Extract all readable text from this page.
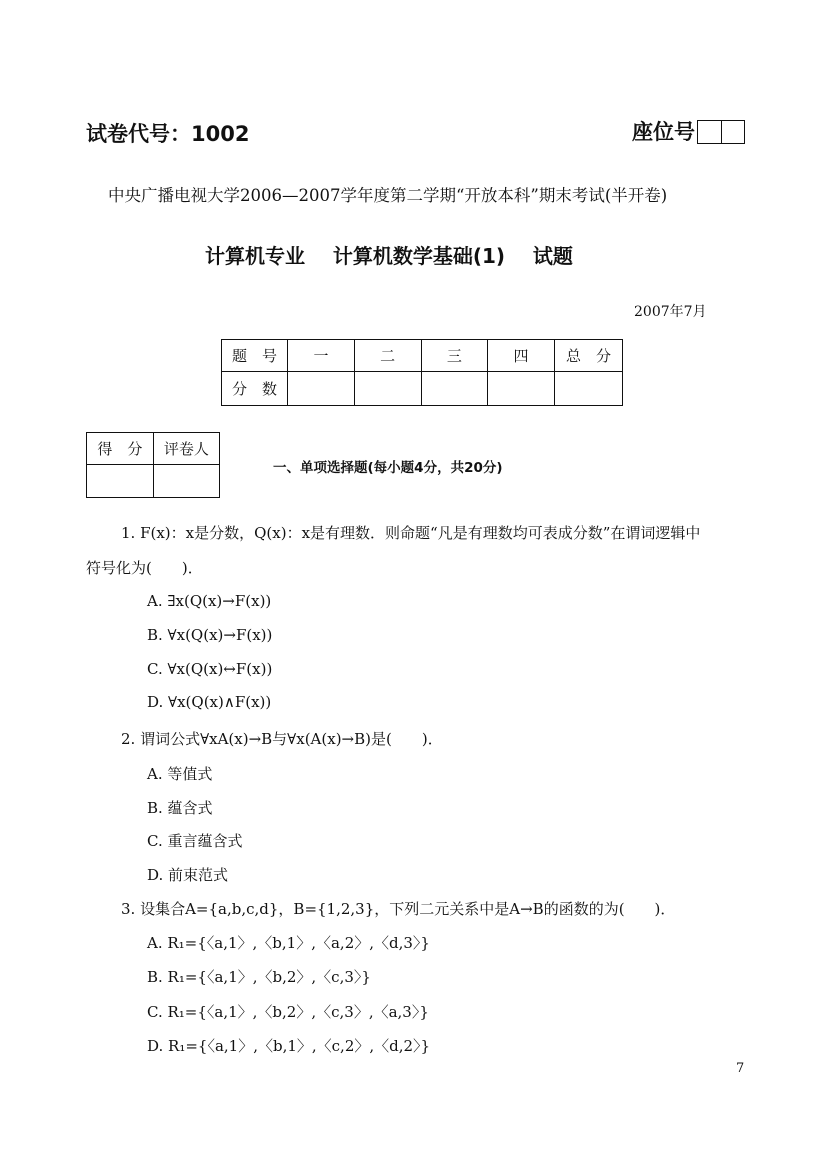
试卷代号：1002	座位号
中央广播电视大学2006—2007学年度第二学期“开放本科”期末考试(半开卷)
计算机专业    计算机数学基础(1)    试题
2007年7月
题　号	一	二	三	四	总　分
分　数					
得　分	评卷人

一、单项选择题(每小题4分，共20分)
1. F(x)：x是分数，Q(x)：x是有理数．则命题“凡是有理数均可表成分数”在谓词逻辑中
符号化为(　　)．
A. ∃x(Q(x)→F(x))
B. ∀x(Q(x)→F(x))
C. ∀x(Q(x)↔F(x))
D. ∀x(Q(x)∧F(x))
2. 谓词公式∀xA(x)→B与∀x(A(x)→B)是(　　)．
A. 等值式
B. 蕴含式
C. 重言蕴含式
D. 前束范式
3. 设集合A={a,b,c,d}，B={1,2,3}，下列二元关系中是A→B的函数的为(　　)．
A. R₁={〈a,1〉,〈b,1〉,〈a,2〉,〈d,3〉}
B. R₁={〈a,1〉,〈b,2〉,〈c,3〉}
C. R₁={〈a,1〉,〈b,2〉,〈c,3〉,〈a,3〉}
D. R₁={〈a,1〉,〈b,1〉,〈c,2〉,〈d,2〉}
7
